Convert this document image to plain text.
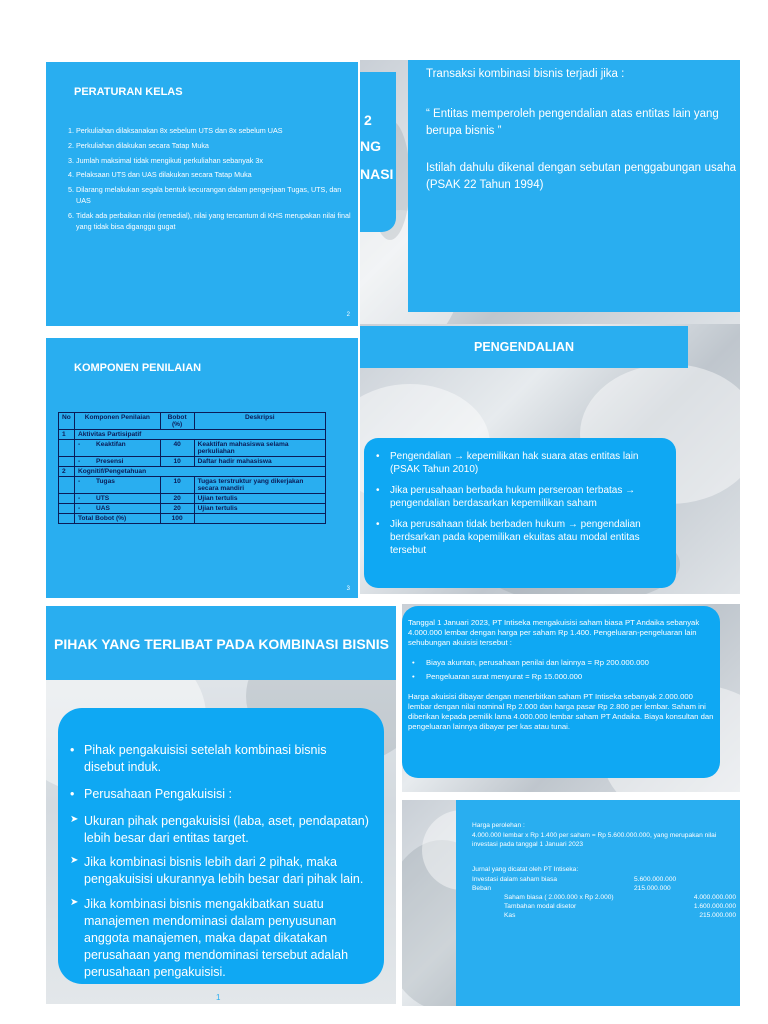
PERATURAN KELAS
1. Perkuliahan dilaksanakan 8x sebelum UTS dan 8x sebelum UAS
2. Perkuliahan dilakukan secara Tatap Muka
3. Jumlah maksimal tidak mengikuti perkuliahan sebanyak 3x
4. Pelaksaan UTS dan UAS dilakukan secara Tatap Muka
5. Dilarang melakukan segala bentuk kecurangan dalam pengerjaan Tugas, UTS, dan UAS
6. Tidak ada perbaikan nilai (remedial), nilai yang tercantum di KHS merupakan nilai final yang tidak bisa diganggu gugat
2
2
NG
NASI
Transaksi kombinasi bisnis terjadi jika :
“ Entitas memperoleh pengendalian atas entitas lain yang berupa bisnis ”
Istilah dahulu dikenal dengan sebutan penggabungan usaha (PSAK 22 Tahun 1994)
KOMPONEN PENILAIAN
No	Komponen Penilaian	Bobot (%)	Deskripsi
1	Aktivitas Partisipatif		
	- Keaktifan	40	Keaktifan mahasiswa selama perkuliahan
	- Presensi	10	Daftar hadir mahasiswa
2	Kognitif/Pengetahuan		
	- Tugas	10	Tugas terstruktur yang dikerjakan secara mandiri
	- UTS	20	Ujian tertulis
	- UAS	20	Ujian tertulis
	Total Bobot (%)	100	
3
PENGENDALIAN
• Pengendalian → kepemilikan hak suara atas entitas lain (PSAK Tahun 2010)
• Jika perusahaan berbada hukum perseroan terbatas → pengendalian berdasarkan kepemilikan saham
• Jika perusahaan tidak berbaden hukum → pengendalian berdsarkan pada kopemilikan ekuitas atau modal entitas tersebut
PIHAK YANG TERLIBAT PADA KOMBINASI BISNIS
• Pihak pengakuisisi setelah kombinasi bisnis disebut induk.
• Perusahaan Pengakuisisi :
➤ Ukuran pihak pengakuisisi (laba, aset, pendapatan) lebih besar dari entitas target.
➤ Jika kombinasi bisnis lebih dari 2 pihak, maka pengakuisisi ukurannya lebih besar dari pihak lain.
➤ Jika kombinasi bisnis mengakibatkan suatu manajemen mendominasi dalam penyusunan anggota manajemen, maka dapat dikatakan perusahaan yang mendominasi tersebut adalah perusahaan pengakuisisi.
1
Tanggal 1 Januari 2023, PT Intiseka mengakuisisi saham biasa PT Andaika sebanyak 4.000.000 lembar dengan harga per saham Rp 1.400. Pengeluaran-pengeluaran lain sehubungan akuisisi tersebut :
• Biaya akuntan, perusahaan penilai dan lainnya = Rp 200.000.000
• Pengeluaran surat menyurat = Rp 15.000.000
Harga akuisisi dibayar dengan menerbitkan saham PT Intiseka sebanyak 2.000.000 lembar dengan nilai nominal Rp 2.000 dan harga pasar Rp 2.800 per lembar. Saham ini diberikan kepada pemilik lama 4.000.000 lembar saham PT Andaika. Biaya konsultan dan pengeluaran lainnya dibayar per kas atau tunai.
Harga perolehan :
4.000.000 lembar x Rp 1.400 per saham = Rp 5.600.000.000, yang merupakan nilai investasi pada tanggal 1 Januari 2023
Jurnal yang dicatat oleh PT Intiseka:
Investasi dalam saham biasa	5.600.000.000
Beban	215.000.000
Saham biasa ( 2.000.000 x Rp 2.000)	4.000.000.000
Tambahan modal disetor	1.600.000.000
Kas	215.000.000
